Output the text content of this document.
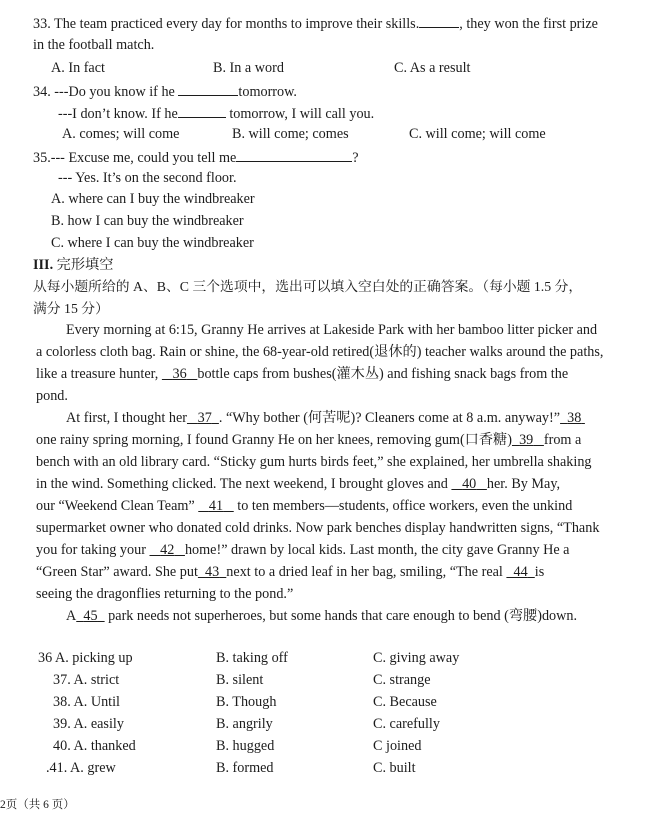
33. The team practiced every day for months to improve their skills.	, they won the first prize
in the football match.
A. In fact	B. In a word	C. As a result
34. ---Do you know if he	tomorrow.
---I don’t know. If he	tomorrow, I will call you.
A. comes; will come	B. will come; comes	C. will come; will come
35.--- Excuse me, could you tell me	?
--- Yes. It’s on the second floor.
A. where can I buy the windbreaker
B. how I can buy the windbreaker
C. where I can buy the windbreaker
III. 完形填空
从每小题所给的 A、B、C 三个选项中，选出可以填入空白处的正确答案。（每小题 1.5 分，
满分 15 分）
Every morning at 6:15, Granny He arrives at Lakeside Park with her bamboo litter picker and
a colorless cloth bag. Rain or shine, the 68-year-old retired(退休的) teacher walks around the paths,
like a treasure hunter,    36 bottle caps from bushes(灌木丛) and fishing snack bags from the
pond.
At first, I thought her 37 . “Why bother (何苦呢)? Cleaners come at 8 a.m. anyway!” 38
one rainy spring morning, I found Granny He on her knees, removing gum(口香糖) 39 from a
bench with an old library card. “Sticky gum hurts birds feet,” she explained, her umbrella shaking
in the wind. Something clicked. The next weekend, I brought gloves and    40 her. By May,
our “Weekend Clean Team”    41    to ten members—students, office workers, even the unkind
supermarket owner who donated cold drinks. Now park benches display handwritten signs, “Thank
you for taking your    42 home!” drawn by local kids. Last month, the city gave Granny He a
“Green Star” award. She put 43 next to a dried leaf in her bag, smiling, “The real   44 is
seeing the dragonflies returning to the pond.”
A 45   park needs not superheroes, but some hands that care enough to bend (弯腰)down.
36 A. picking up	B. taking off	C. giving away
37. A. strict	B. silent	C. strange
38. A. Until	B. Though	C. Because
39. A. easily	B. angrily	C. carefully
40. A. thanked	B. hugged	C joined
.41. A. grew	B. formed	C. built
2页（共 6 页）
